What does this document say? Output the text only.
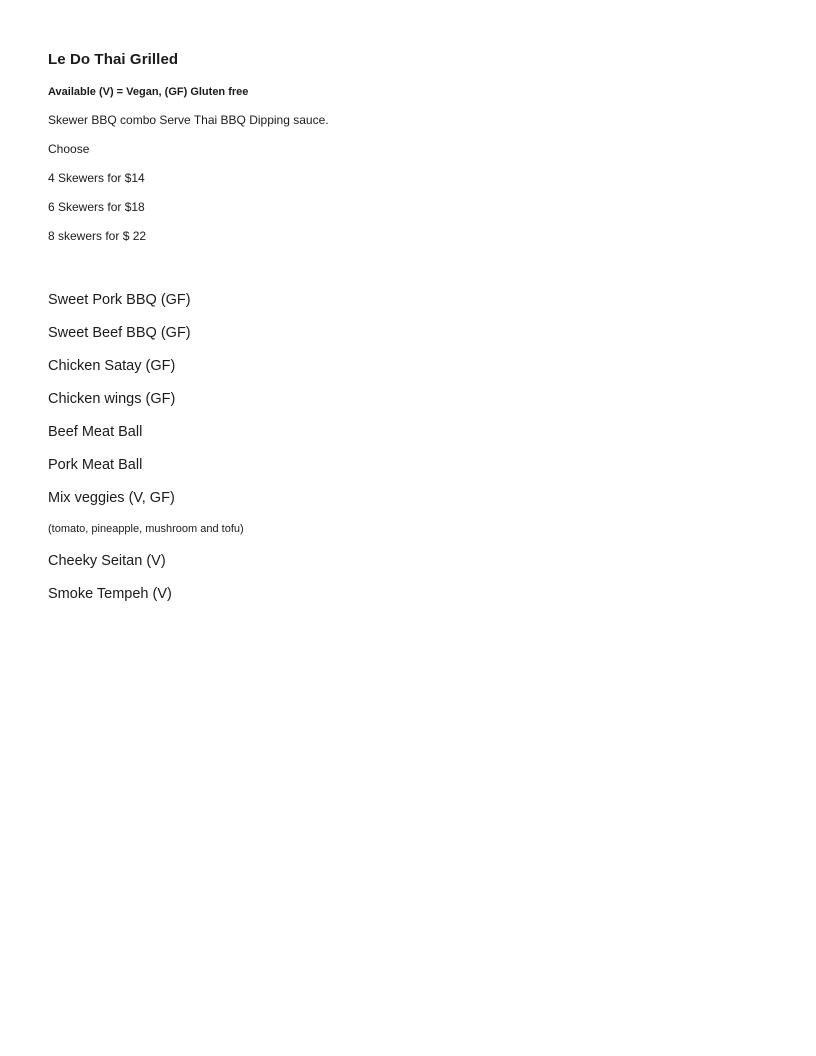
Le Do Thai Grilled

Available (V) = Vegan, (GF) Gluten free

Skewer BBQ combo Serve Thai BBQ Dipping sauce.

Choose

4 Skewers for $14

6 Skewers for $18

8 skewers for $ 22

Sweet Pork BBQ (GF)

Sweet Beef BBQ (GF)

Chicken Satay (GF)

Chicken wings (GF)

Beef Meat Ball

Pork Meat Ball

Mix veggies (V, GF)

(tomato, pineapple, mushroom and tofu)

Cheeky Seitan (V)

Smoke Tempeh (V)
